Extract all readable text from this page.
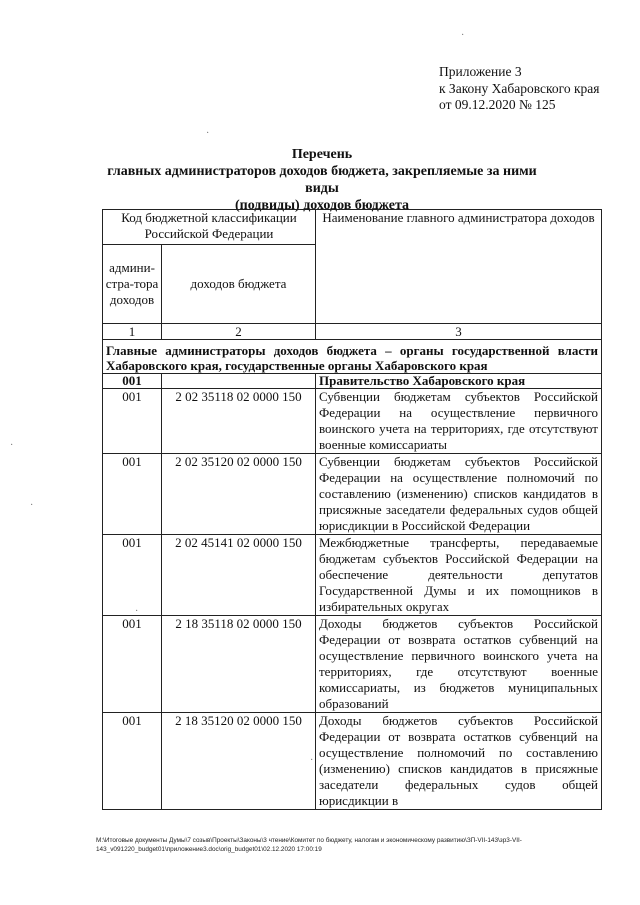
Приложение 3
к Закону Хабаровского края
от 09.12.2020 № 125
Перечень
главных администраторов доходов бюджета, закрепляемые за ними виды
(подвиды) доходов бюджета
·
·
·
·
·
·
Код бюджетной классификации Российской Федерации		Наименование главного администратора доходов
админи-стра-тора доходов	доходов бюджета	
1	2	3
Главные администраторы доходов бюджета – органы государственной власти Хабаровского края, государственные органы Хабаровского края		
001		Правительство Хабаровского края
001	2 02 35118 02 0000 150	Субвенции бюджетам субъектов Российской Федерации на осуществление первичного воинского учета на территориях, где отсутствуют военные комиссариаты
001	2 02 35120 02 0000 150	Субвенции бюджетам субъектов Российской Федерации на осуществление полномочий по составлению (изменению) списков кандидатов в присяжные заседатели федеральных судов общей юрисдикции в Российской Федерации
001	2 02 45141 02 0000 150	Межбюджетные трансферты, передаваемые бюджетам субъектов Российской Федерации на обеспечение деятельности депутатов Государственной Думы и их помощников в избирательных округах
001	2 18 35118 02 0000 150	Доходы бюджетов субъектов Российской Федерации от возврата остатков субвенций на осуществление первичного воинского учета на территориях, где отсутствуют военные комиссариаты, из бюджетов муниципальных образований
001	2 18 35120 02 0000 150	Доходы бюджетов субъектов Российской Федерации от возврата остатков субвенций на осуществление полномочий по составлению (изменению) списков кандидатов в присяжные заседатели федеральных судов общей юрисдикции в
М:\Итоговые документы Думы\7 созыв\Проекты\Законы\3 чтение\Комитет по бюджету, налогам и экономическому развитию\ЗП-VII-143\зр3-VII-143_v091220_budget01\приложение3.doc\orig_budget01\02.12.2020 17:00:19
